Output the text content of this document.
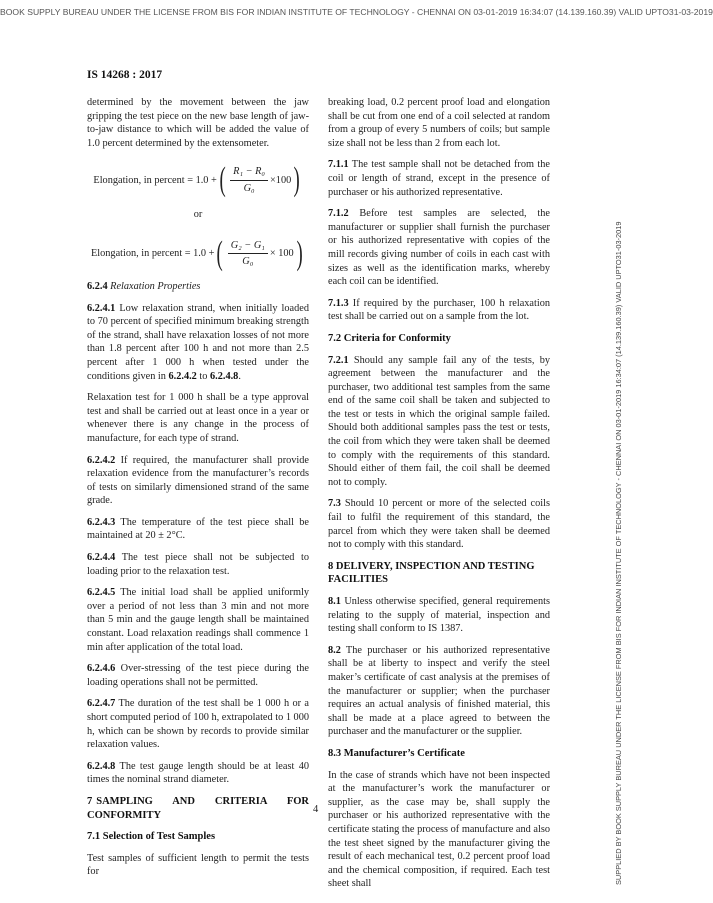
BOOK SUPPLY BUREAU UNDER THE LICENSE FROM BIS FOR INDIAN INSTITUTE OF TECHNOLOGY - CHENNAI ON 03-01-2019 16:34:07 (14.139.160.39) VALID UPTO31-03-2019
SUPPLIED BY BOOK SUPPLY BUREAU UNDER THE LICENSE FROM BIS FOR INDIAN INSTITUTE OF TECHNOLOGY - CHENNAI ON 03-01-2019 16:34:07 (14.139.160.39) VALID UPTO31-03-2019
IS 14268 : 2017

determined by the movement between the jaw gripping the test piece on the new base length of jaw-to-jaw distance to which will be added the value of 1.0 percent determined by the extensometer.

Elongation, in percent = 1.0 + ( $\frac{\text{R₁ − R₀}}{\text{G₀}} \times 100$ )
or
Elongation, in percent = 1.0 + ( $\frac{\text{G₂ − G₁}}{\text{G₀}} \times 100$ )

6.2.4 Relaxation Properties

6.2.4.1 Low relaxation strand, when initially loaded to 70 percent of specified minimum breaking strength of the strand, shall have relaxation losses of not more than 1.8 percent after 100 h and not more than 2.5 percent after 1 000 h when tested under the conditions given in 6.2.4.2 to 6.2.4.8.

Relaxation test for 1 000 h shall be a type approval test and shall be carried out at least once in a year or whenever there is any change in the process of manufacture, for each type of strand.

6.2.4.2 If required, the manufacturer shall provide relaxation evidence from the manufacturer’s records of tests on similarly dimensioned strand of the same grade.

6.2.4.3 The temperature of the test piece shall be maintained at 20 ± 2°C.

6.2.4.4 The test piece shall not be subjected to loading prior to the relaxation test.

6.2.4.5 The initial load shall be applied uniformly over a period of not less than 3 min and not more than 5 min and the gauge length shall be maintained constant. Load relaxation readings shall commence 1 min after application of the total load.

6.2.4.6 Over-stressing of the test piece during the loading operations shall not be permitted.

6.2.4.7 The duration of the test shall be 1 000 h or a short computed period of 100 h, extrapolated to 1 000 h, which can be shown by records to provide similar relaxation values.

6.2.4.8 The test gauge length should be at least 40 times the nominal strand diameter.

7 SAMPLING     AND     CRITERIA     FOR CONFORMITY
7.1 Selection of Test Samples

Test samples of sufficient length to permit the tests for

breaking load, 0.2 percent proof load and elongation shall be cut from one end of a coil selected at random from a group of every 5 numbers of coils; but sample size shall not be less than 2 from each lot.

7.1.1 The test sample shall not be detached from the coil or length of strand, except in the presence of purchaser or his authorized representative.

7.1.2 Before test samples are selected, the manufacturer or supplier shall furnish the purchaser or his authorized representative with copies of the mill records giving number of coils in each cast with sizes as well as the identification marks, whereby each coil can be identified.

7.1.3 If required by the purchaser, 100 h relaxation test shall be carried out on a sample from the lot.

7.2 Criteria for Conformity

7.2.1 Should any sample fail any of the tests, by agreement between the manufacturer and the purchaser, two additional test samples from the same end of the same coil shall be taken and subjected to the test or tests in which the original sample failed. Should both additional samples pass the test or tests, the coil from which they were taken shall be deemed to comply with the requirements of this standard. Should either of them fail, the coil shall be deemed not to comply.

7.3 Should 10 percent or more of the selected coils fail to fulfil the requirement of this standard, the parcel from which they were taken shall be deemed not to comply with this standard.

8 DELIVERY, INSPECTION AND TESTING FACILITIES

8.1 Unless otherwise specified, general requirements relating to the supply of material, inspection and testing shall conform to IS 1387.

8.2 The purchaser or his authorized representative shall be at liberty to inspect and verify the steel maker’s certificate of cast analysis at the premises of the manufacturer or supplier; when the purchaser requires an actual analysis of finished material, this shall be made at a place agreed to between the purchaser and the manufacturer or the supplier.

8.3 Manufacturer’s Certificate

In the case of strands which have not been inspected at the manufacturer’s work the manufacturer or supplier, as the case may be, shall supply the purchaser or his authorized representative with the certificate stating the process of manufacture and also the test sheet signed by the manufacturer giving the result of each mechanical test, 0.2 percent proof load and the chemical composition, if required. Each test sheet shall

4
